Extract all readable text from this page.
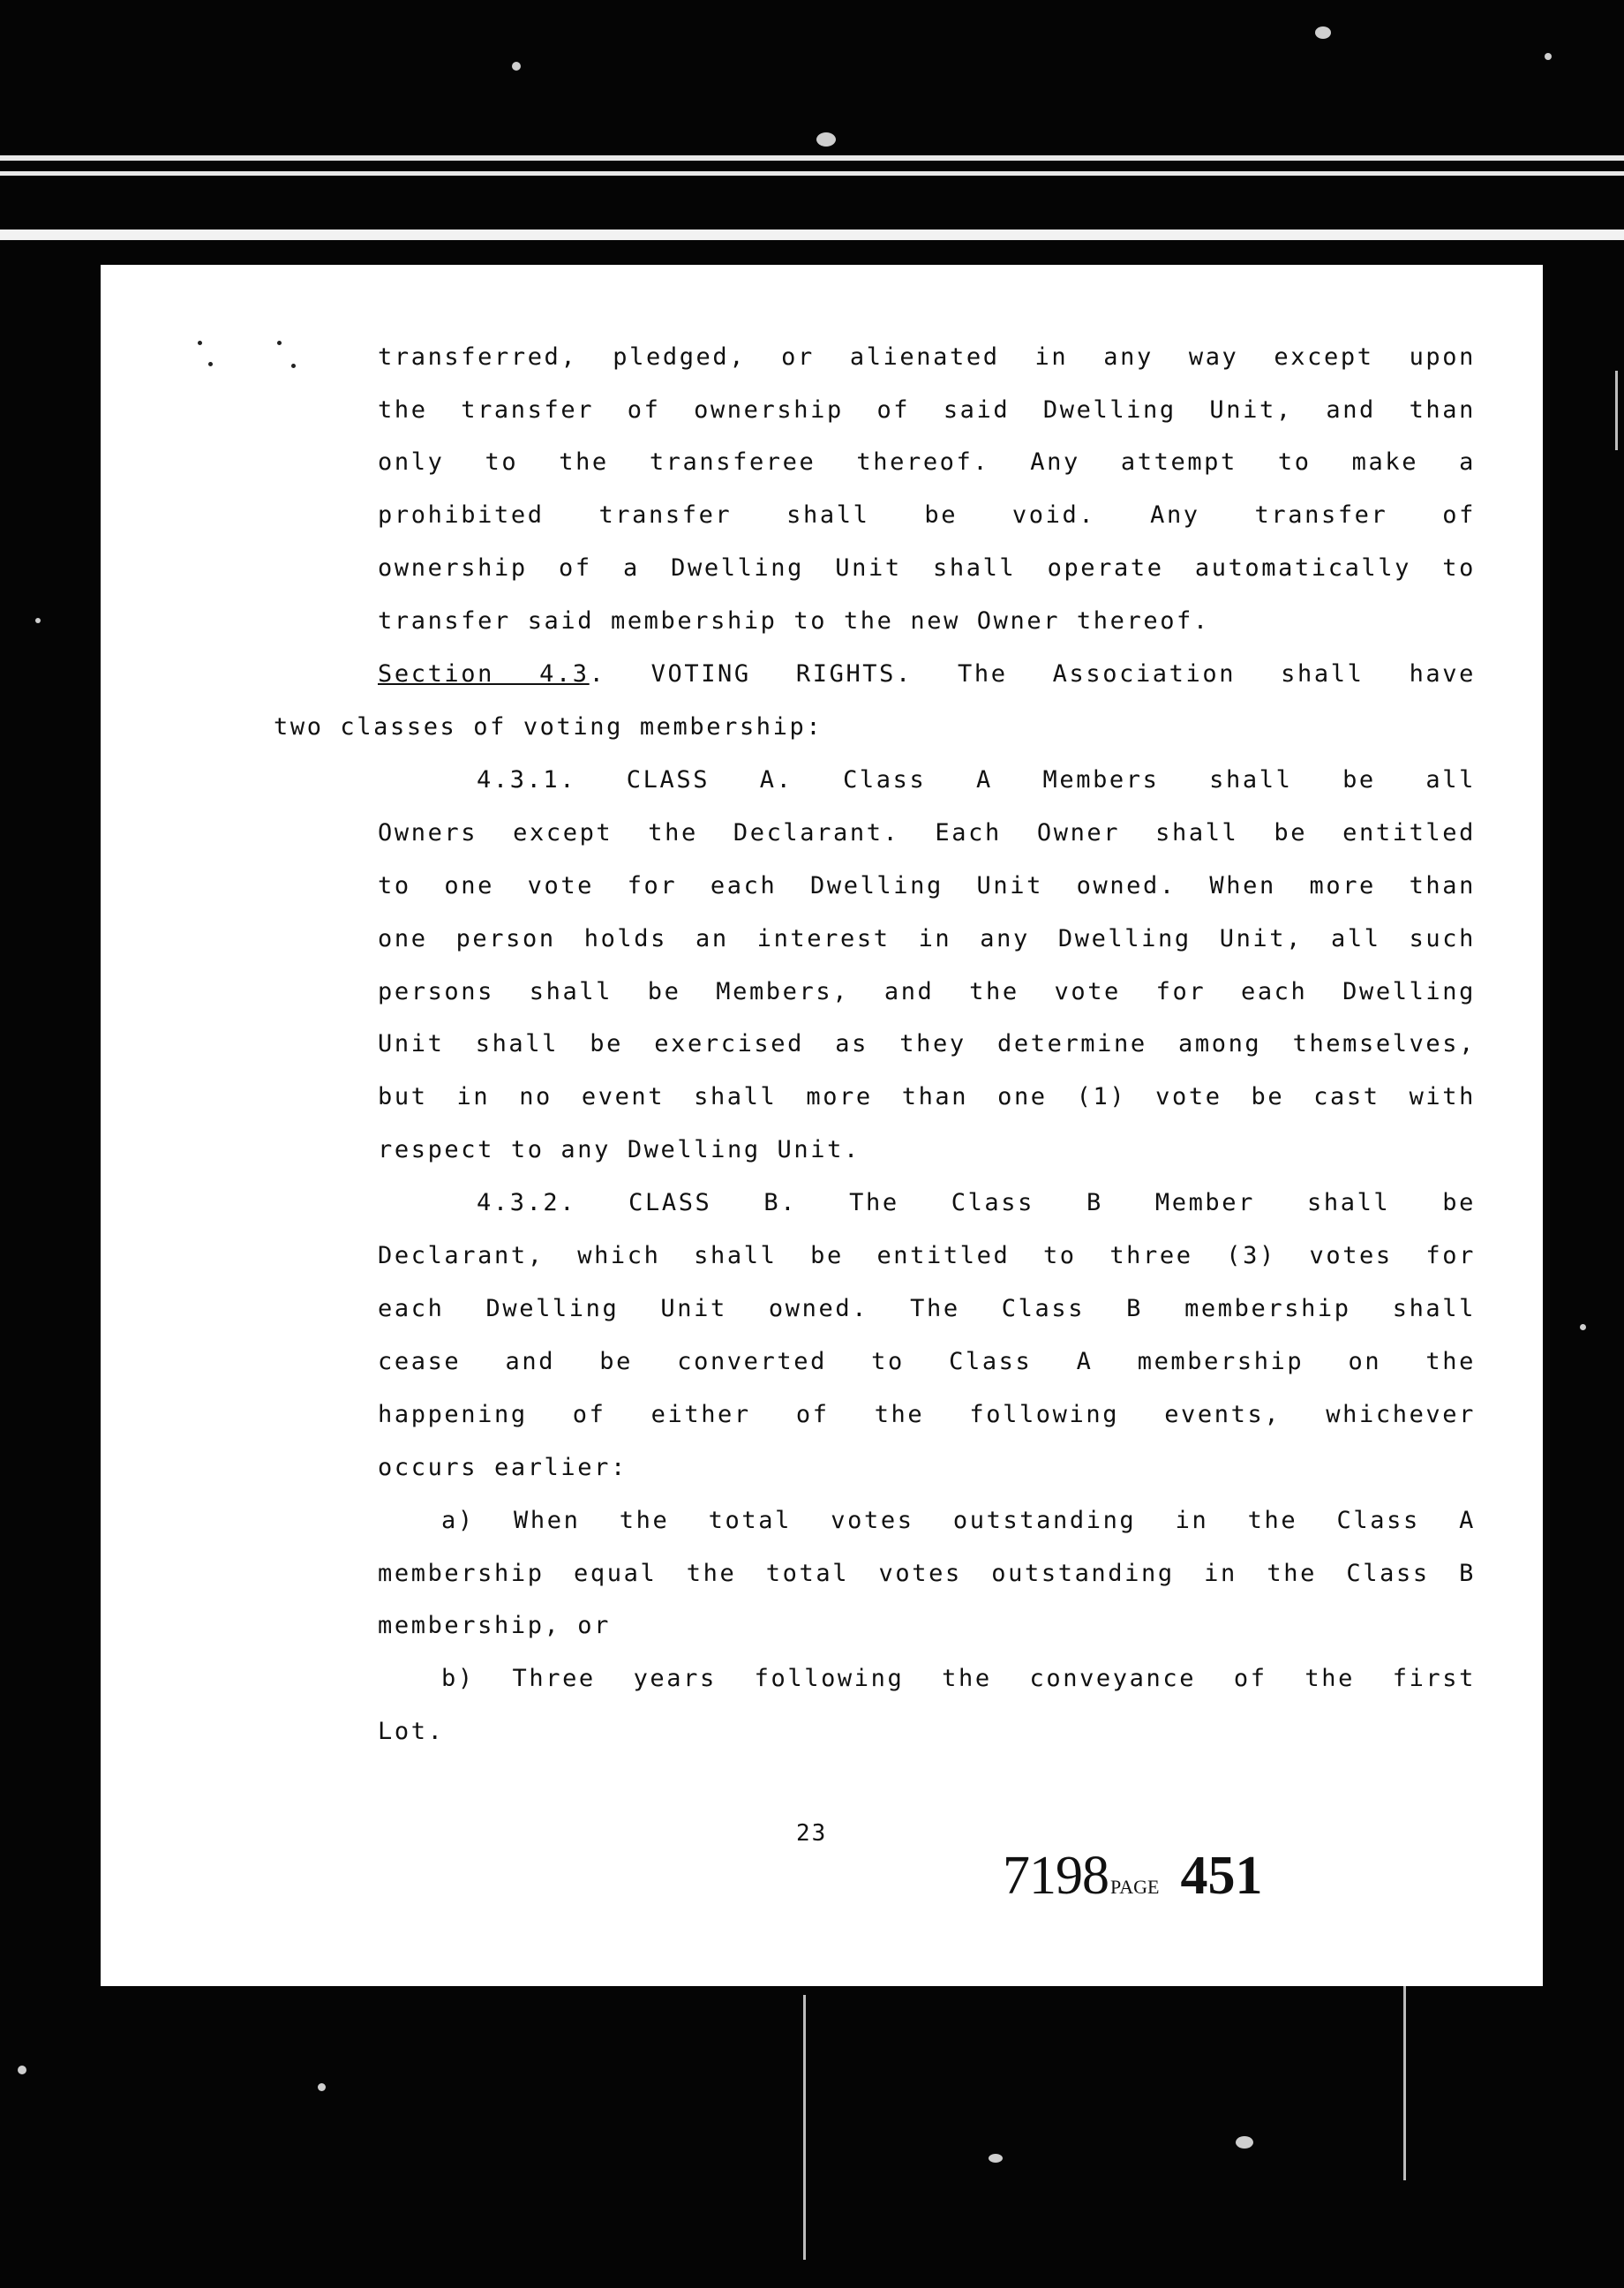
transferred, pledged, or alienated in any way except upon
the transfer of ownership of said Dwelling Unit, and than
only to the transferee thereof. Any attempt to make a
prohibited transfer shall be void. Any transfer of
ownership of a Dwelling Unit shall operate automatically to
transfer said membership to the new Owner thereof.
Section 4.3. VOTING RIGHTS. The Association shall have
two classes of voting membership:
4.3.1. CLASS A. Class A Members shall be all
Owners except the Declarant. Each Owner shall be entitled
to one vote for each Dwelling Unit owned. When more than
one person holds an interest in any Dwelling Unit, all such
persons shall be Members, and the vote for each Dwelling
Unit shall be exercised as they determine among themselves,
but in no event shall more than one (1) vote be cast with
respect to any Dwelling Unit.
4.3.2. CLASS B. The Class B Member shall be
Declarant, which shall be entitled to three (3) votes for
each Dwelling Unit owned. The Class B membership shall
cease and be converted to Class A membership on the
happening of either of the following events, whichever
occurs earlier:
a) When the total votes outstanding in the Class A
membership equal the total votes outstanding in the Class B
membership, or
b) Three years following the conveyance of the first
Lot.
23
7198PAGE 451
